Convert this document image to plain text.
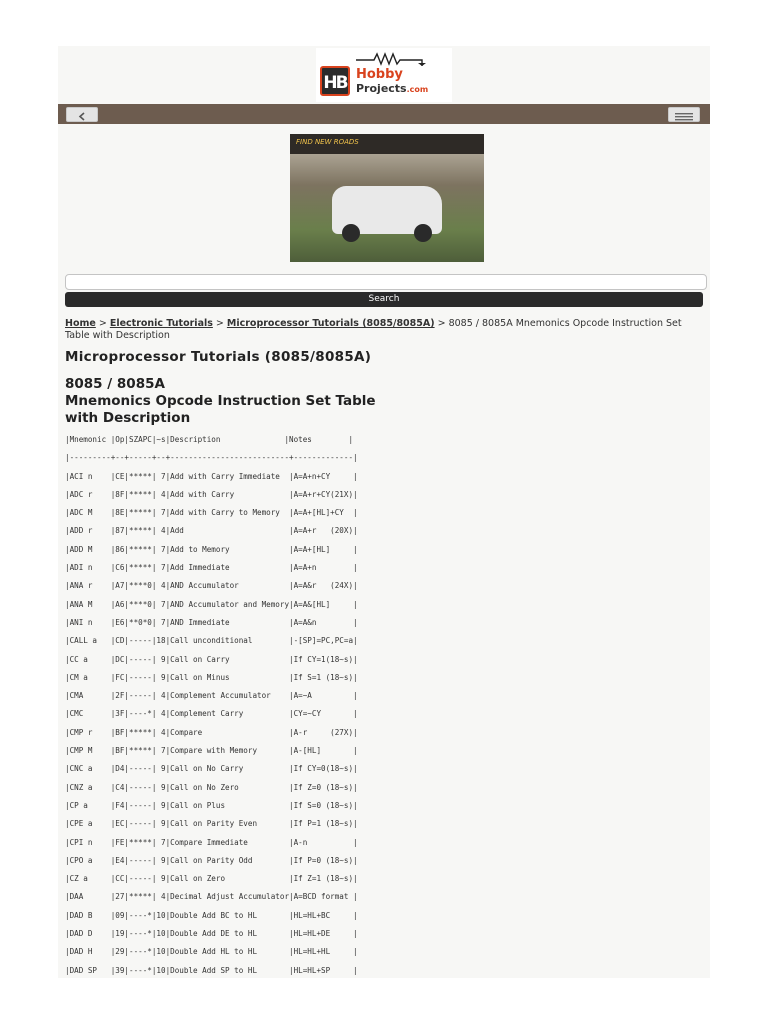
HB Hobby
Projects.com
FIND NEW ROADS
Search
Home > Electronic Tutorials > Microprocessor Tutorials (8085/8085A) > 8085 / 8085A Mnemonics Opcode Instruction Set Table with Description
Microprocessor Tutorials (8085/8085A)
8085 / 8085A
Mnemonics Opcode Instruction Set Table
with Description
|Mnemonic |Op|SZAPC|~s|Description              |Notes        |
|---------+--+-----+--+--------------------------+-------------|
|ACI n    |CE|*****| 7|Add with Carry Immediate  |A=A+n+CY     |
|ADC r    |8F|*****| 4|Add with Carry            |A=A+r+CY(21X)|
|ADC M    |8E|*****| 7|Add with Carry to Memory  |A=A+[HL]+CY  |
|ADD r    |87|*****| 4|Add                       |A=A+r   (20X)|
|ADD M    |86|*****| 7|Add to Memory             |A=A+[HL]     |
|ADI n    |C6|*****| 7|Add Immediate             |A=A+n        |
|ANA r    |A7|****0| 4|AND Accumulator           |A=A&r   (24X)|
|ANA M    |A6|****0| 7|AND Accumulator and Memory|A=A&[HL]     |
|ANI n    |E6|**0*0| 7|AND Immediate             |A=A&n        |
|CALL a   |CD|-----|18|Call unconditional        |-[SP]=PC,PC=a|
|CC a     |DC|-----| 9|Call on Carry             |If CY=1(18~s)|
|CM a     |FC|-----| 9|Call on Minus             |If S=1 (18~s)|
|CMA      |2F|-----| 4|Complement Accumulator    |A=~A         |
|CMC      |3F|----*| 4|Complement Carry          |CY=~CY       |
|CMP r    |BF|*****| 4|Compare                   |A-r     (27X)|
|CMP M    |BF|*****| 7|Compare with Memory       |A-[HL]       |
|CNC a    |D4|-----| 9|Call on No Carry          |If CY=0(18~s)|
|CNZ a    |C4|-----| 9|Call on No Zero           |If Z=0 (18~s)|
|CP a     |F4|-----| 9|Call on Plus              |If S=0 (18~s)|
|CPE a    |EC|-----| 9|Call on Parity Even       |If P=1 (18~s)|
|CPI n    |FE|*****| 7|Compare Immediate         |A-n          |
|CPO a    |E4|-----| 9|Call on Parity Odd        |If P=0 (18~s)|
|CZ a     |CC|-----| 9|Call on Zero              |If Z=1 (18~s)|
|DAA      |27|*****| 4|Decimal Adjust Accumulator|A=BCD format |
|DAD B    |09|----*|10|Double Add BC to HL       |HL=HL+BC     |
|DAD D    |19|----*|10|Double Add DE to HL       |HL=HL+DE     |
|DAD H    |29|----*|10|Double Add HL to HL       |HL=HL+HL     |
|DAD SP   |39|----*|10|Double Add SP to HL       |HL=HL+SP     |
